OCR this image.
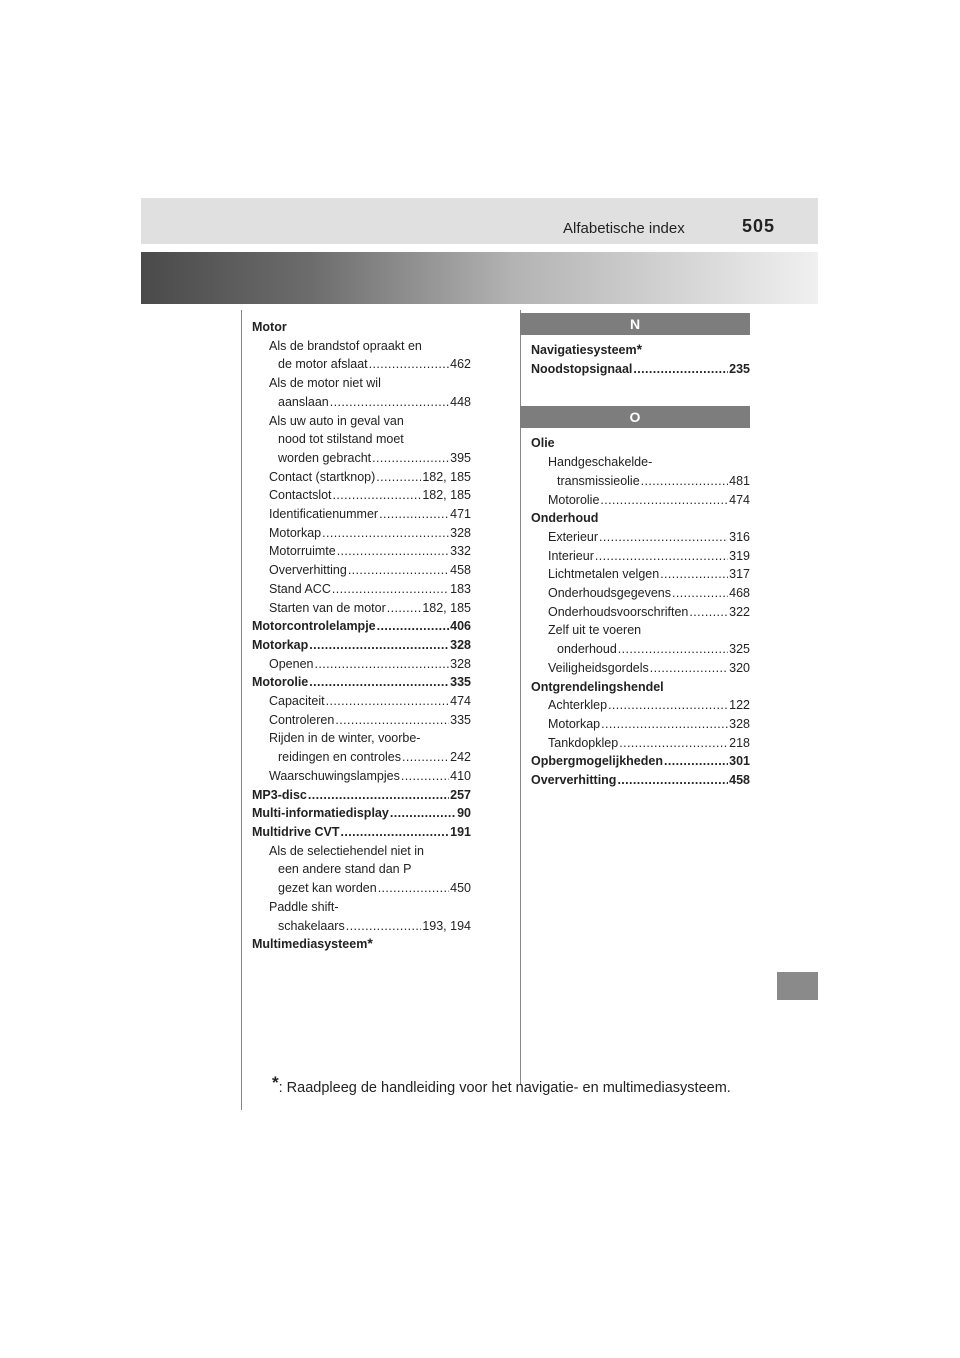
Alfabetische index	505
Motor
Als de brandstof opraakt en
de motor afslaat .....	462
Als de motor niet wil
aanslaan .....	448
Als uw auto in geval van
nood tot stilstand moet
worden gebracht .....	395
Contact (startknop) .....	182, 185
Contactslot .....	182, 185
Identificatienummer .....	471
Motorkap .....	328
Motorruimte .....	332
Oververhitting .....	458
Stand ACC .....	183
Starten van de motor .....	182, 185
Motorcontrolelampje .....	406
Motorkap .....	328
Openen .....	328
Motorolie .....	335
Capaciteit .....	474
Controleren .....	335
Rijden in de winter, voorbe-
reidingen en controles .....	242
Waarschuwingslampjes .....	410
MP3-disc .....	257
Multi-informatiedisplay .....	90
Multidrive CVT .....	191
Als de selectiehendel niet in
een andere stand dan P
gezet kan worden .....	450
Paddle shift-
schakelaars .....	193, 194
Multimediasysteem *
N
Navigatiesysteem *
Noodstopsignaal .....	235
O
Olie
Handgeschakelde-
transmissieolie .....	481
Motorolie .....	474
Onderhoud
Exterieur .....	316
Interieur .....	319
Lichtmetalen velgen .....	317
Onderhoudsgegevens .....	468
Onderhoudsvoorschriften .....	322
Zelf uit te voeren
onderhoud .....	325
Veiligheidsgordels .....	320
Ontgrendelingshendel
Achterklep .....	122
Motorkap .....	328
Tankdopklep .....	218
Opbergmogelijkheden .....	301
Oververhitting .....	458
*: Raadpleeg de handleiding voor het navigatie- en multimediasysteem.
